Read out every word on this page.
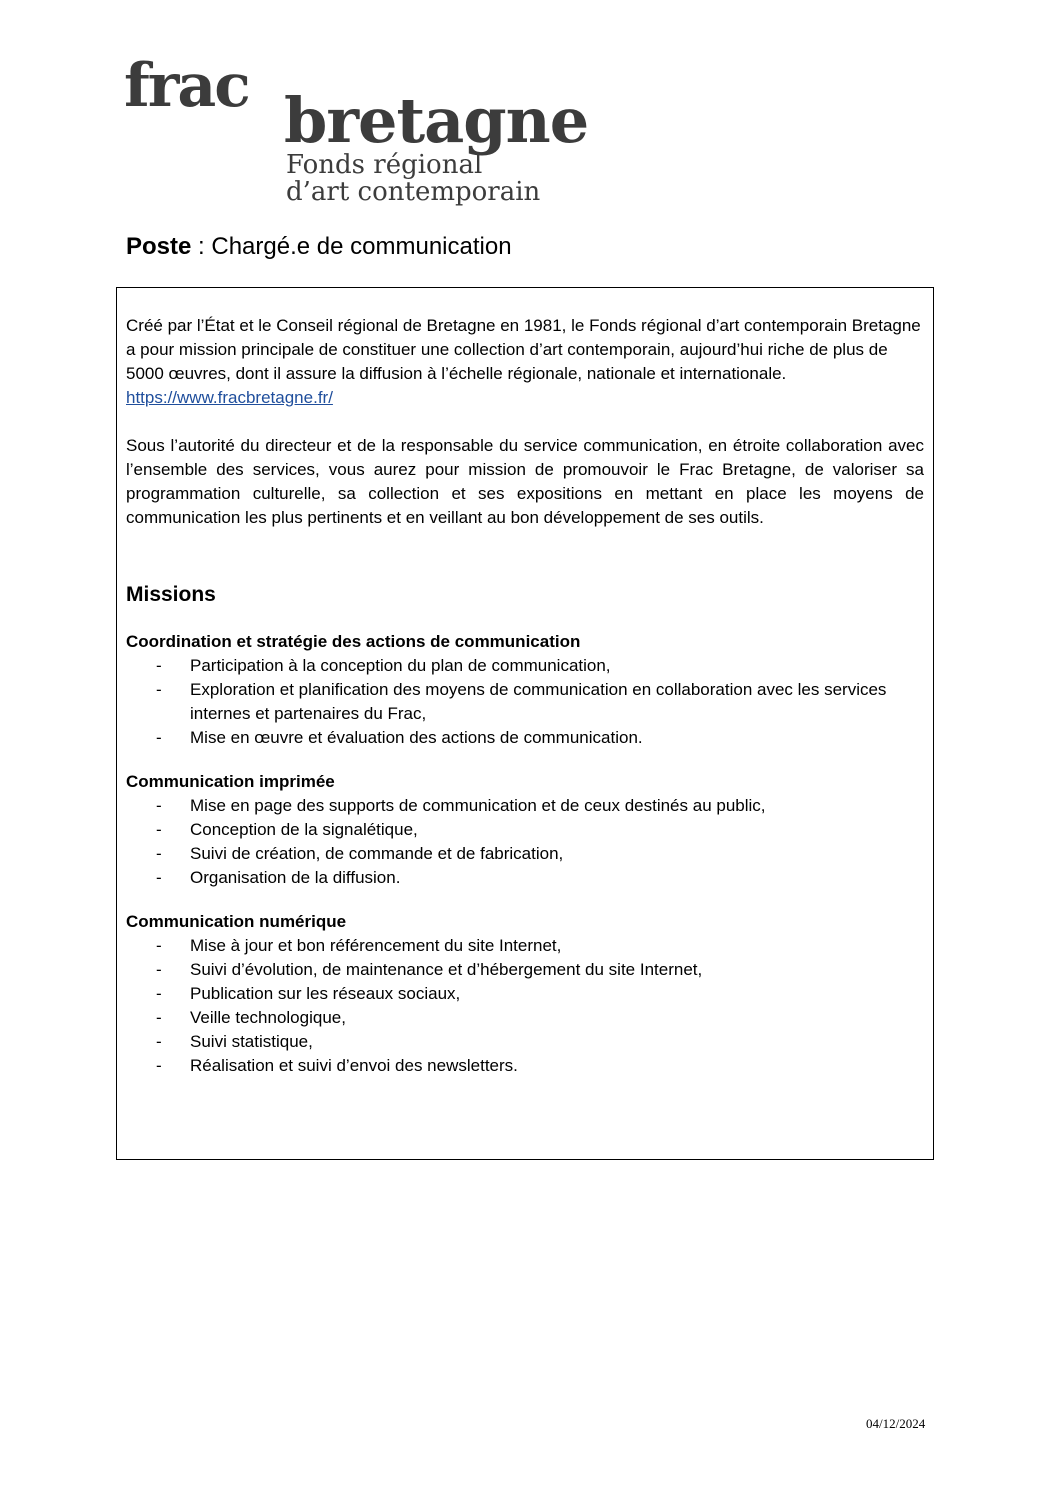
frac bretagne
Fonds régional
d’art contemporain
Poste : Chargé.e de communication

Créé par l’État et le Conseil régional de Bretagne en 1981, le Fonds régional d’art contemporain Bretagne a pour mission principale de constituer une collection d’art contemporain, aujourd’hui riche de plus de 5000 œuvres, dont il assure la diffusion à l’échelle régionale, nationale et internationale.
https://www.fracbretagne.fr/

Sous l’autorité du directeur et de la responsable du service communication, en étroite collaboration avec l’ensemble des services, vous aurez pour mission de promouvoir le Frac Bretagne, de valoriser sa programmation culturelle, sa collection et ses expositions en mettant en place les moyens de communication les plus pertinents et en veillant au bon développement de ses outils.

Missions

Coordination et stratégie des actions de communication

- Participation à la conception du plan de communication,
- Exploration et planification des moyens de communication en collaboration avec les services internes et partenaires du Frac,
- Mise en œuvre et évaluation des actions de communication.

Communication imprimée

- Mise en page des supports de communication et de ceux destinés au public,
- Conception de la signalétique,
- Suivi de création, de commande et de fabrication,
- Organisation de la diffusion.

Communication numérique

- Mise à jour et bon référencement du site Internet,
- Suivi d’évolution, de maintenance et d’hébergement du site Internet,
- Publication sur les réseaux sociaux,
- Veille technologique,
- Suivi statistique,
- Réalisation et suivi d’envoi des newsletters.
04/12/2024
